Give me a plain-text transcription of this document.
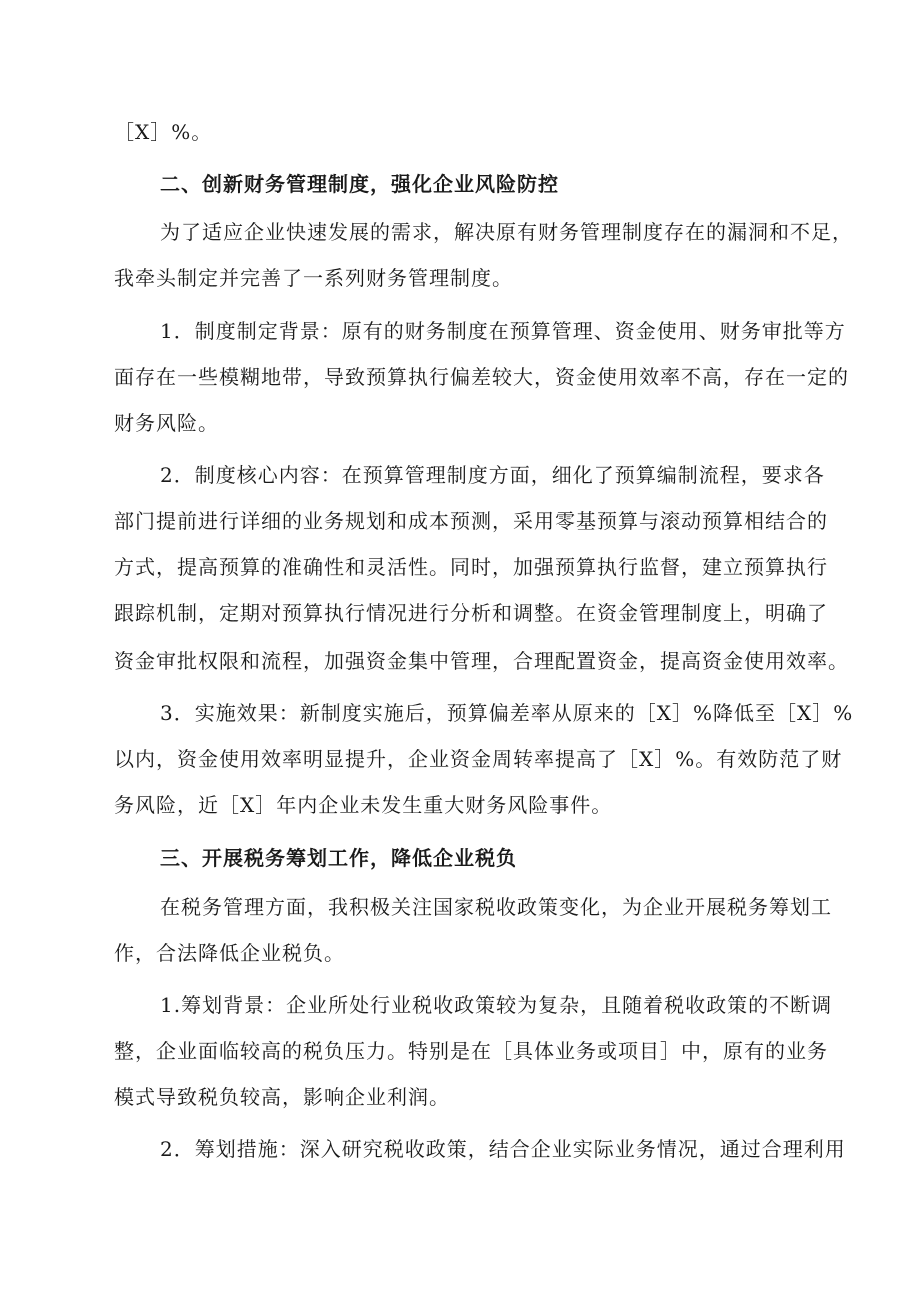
［X］%。
二、创新财务管理制度，强化企业风险防控
为了适应企业快速发展的需求，解决原有财务管理制度存在的漏洞和不足，
我牵头制定并完善了一系列财务管理制度。
1．制度制定背景：原有的财务制度在预算管理、资金使用、财务审批等方
面存在一些模糊地带，导致预算执行偏差较大，资金使用效率不高，存在一定的
财务风险。
2．制度核心内容：在预算管理制度方面，细化了预算编制流程，要求各
部门提前进行详细的业务规划和成本预测，采用零基预算与滚动预算相结合的
方式，提高预算的准确性和灵活性。同时，加强预算执行监督，建立预算执行
跟踪机制，定期对预算执行情况进行分析和调整。在资金管理制度上，明确了
资金审批权限和流程，加强资金集中管理，合理配置资金，提高资金使用效率。
3．实施效果：新制度实施后，预算偏差率从原来的［X］%降低至［X］%
以内，资金使用效率明显提升，企业资金周转率提高了［X］%。有效防范了财
务风险，近［X］年内企业未发生重大财务风险事件。
三、开展税务筹划工作，降低企业税负
在税务管理方面，我积极关注国家税收政策变化，为企业开展税务筹划工
作，合法降低企业税负。
1.筹划背景：企业所处行业税收政策较为复杂，且随着税收政策的不断调
整，企业面临较高的税负压力。特别是在［具体业务或项目］中，原有的业务
模式导致税负较高，影响企业利润。
2．筹划措施：深入研究税收政策，结合企业实际业务情况，通过合理利用
